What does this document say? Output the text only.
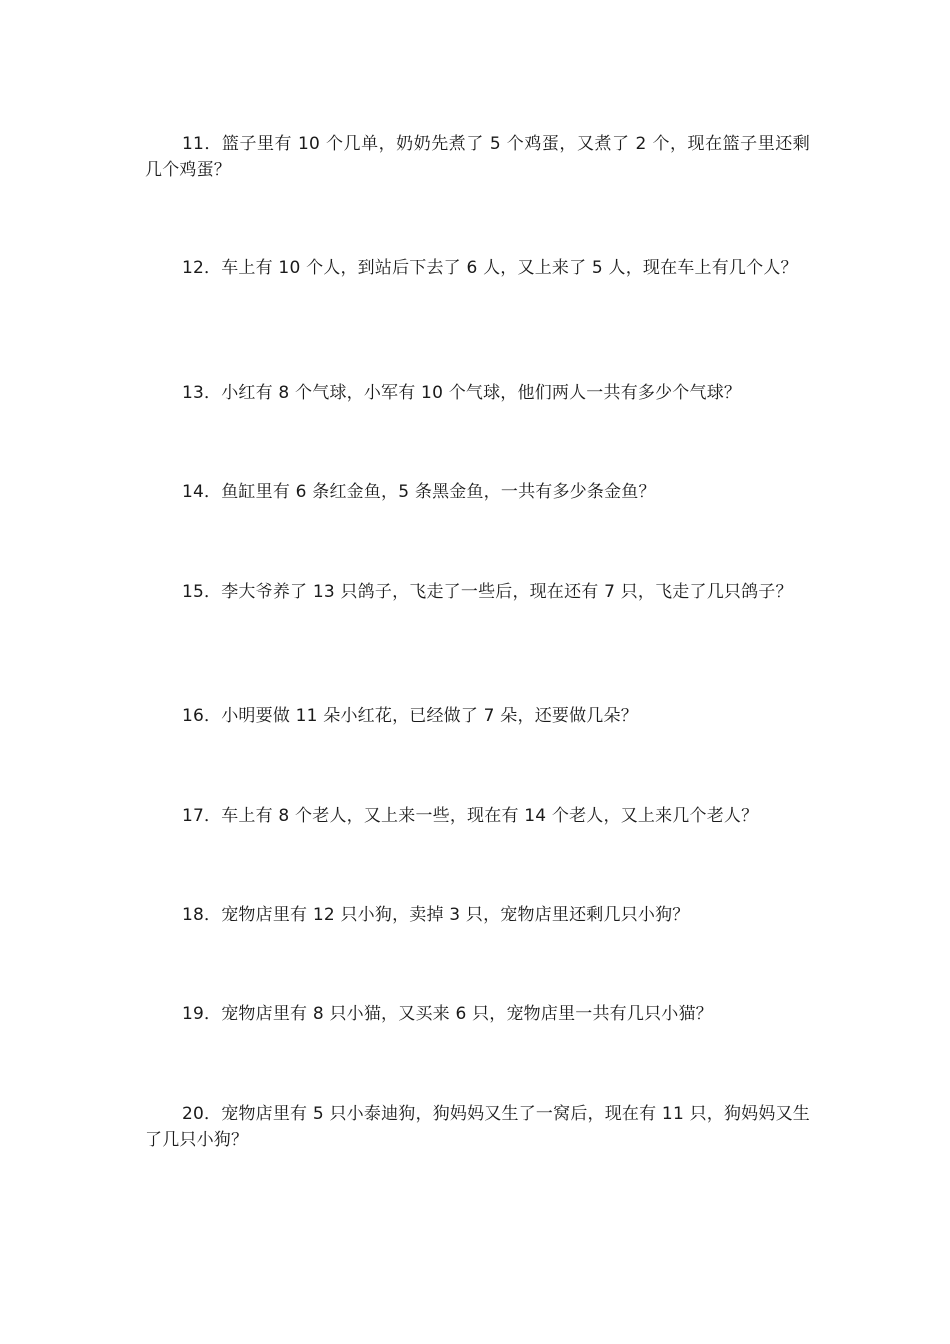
11．篮子里有 10 个几单，奶奶先煮了 5 个鸡蛋，又煮了 2 个，现在篮子里还剩几个鸡蛋？

12．车上有 10 个人，到站后下去了 6 人，又上来了 5 人，现在车上有几个人？

13．小红有 8 个气球，小军有 10 个气球，他们两人一共有多少个气球？

14．鱼缸里有 6 条红金鱼，5 条黑金鱼，一共有多少条金鱼？

15．李大爷养了 13 只鸽子，飞走了一些后，现在还有 7 只，飞走了几只鸽子？

16．小明要做 11 朵小红花，已经做了 7 朵，还要做几朵？

17．车上有 8 个老人，又上来一些，现在有 14 个老人，又上来几个老人？

18．宠物店里有 12 只小狗，卖掉 3 只，宠物店里还剩几只小狗？

19．宠物店里有 8 只小猫，又买来 6 只，宠物店里一共有几只小猫？

20．宠物店里有 5 只小泰迪狗，狗妈妈又生了一窝后，现在有 11 只，狗妈妈又生了几只小狗？
